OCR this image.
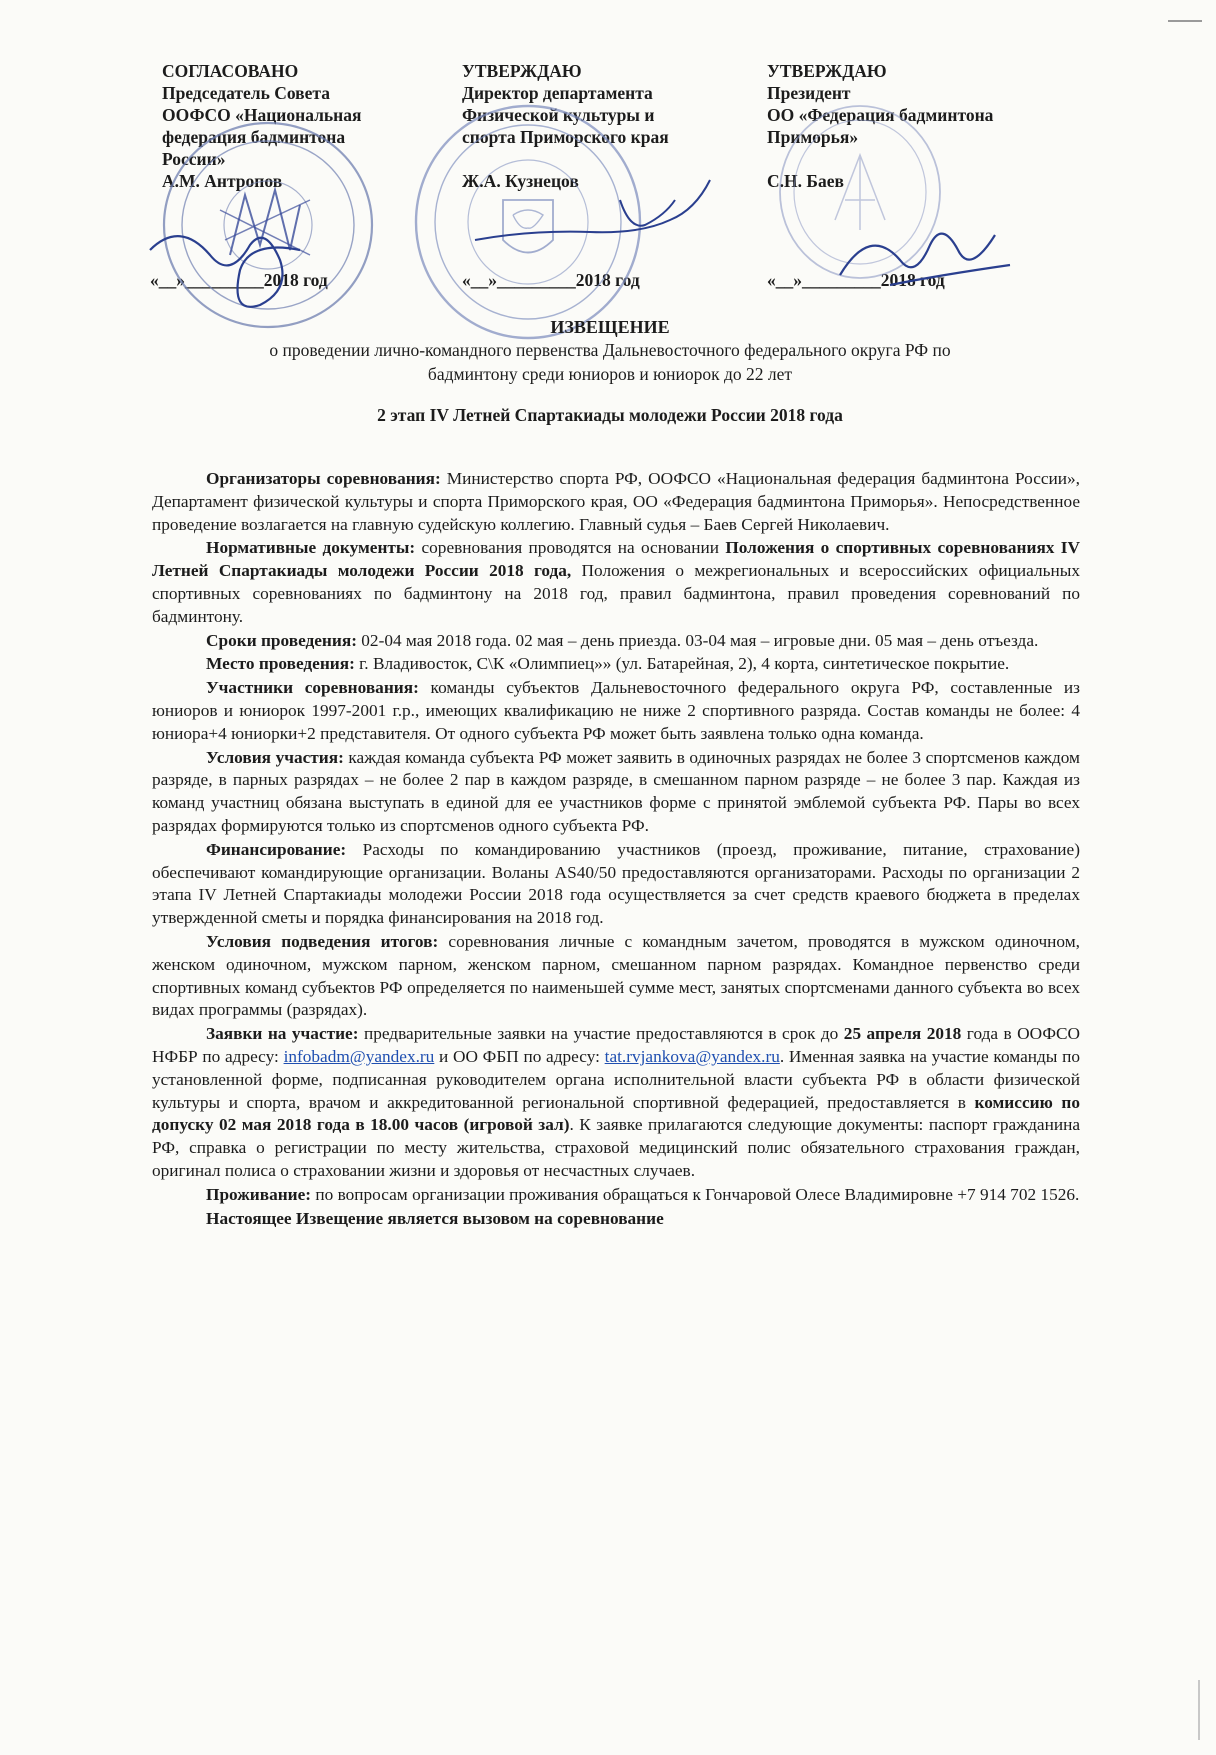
СОГЛАСОВАНО
Председатель Совета
ООФСО «Национальная
федерация бадминтона
России»
А.М. Антропов
УТВЕРЖДАЮ
Директор департамента
Физической культуры и
спорта Приморского края
Ж.А. Кузнецов
УТВЕРЖДАЮ
Президент
ОО «Федерация бадминтона
Приморья»
С.Н. Баев
«__»_________2018 год	«__»_________2018 год	«__»_________2018 год
ИЗВЕЩЕНИЕ
о проведении лично-командного первенства Дальневосточного федерального округа РФ по
бадминтону среди юниоров и юниорок до 22 лет
2 этап IV Летней Спартакиады молодежи России 2018 года

Организаторы соревнования: Министерство спорта РФ, ООФСО «Национальная федерация бадминтона России», Департамент физической культуры и спорта Приморского края, ОО «Федерация бадминтона Приморья». Непосредственное проведение возлагается на главную судейскую коллегию. Главный судья – Баев Сергей Николаевич.

Нормативные документы: соревнования проводятся на основании Положения о спортивных соревнованиях IV Летней Спартакиады молодежи России 2018 года, Положения о межрегиональных и всероссийских официальных спортивных соревнованиях по бадминтону на 2018 год, правил бадминтона, правил проведения соревнований по бадминтону.

Сроки проведения: 02-04 мая 2018 года. 02 мая – день приезда. 03-04 мая – игровые дни. 05 мая – день отъезда.

Место проведения: г. Владивосток, С\К «Олимпиец»» (ул. Батарейная, 2), 4 корта, синтетическое покрытие.

Участники соревнования: команды субъектов Дальневосточного федерального округа РФ, составленные из юниоров и юниорок 1997-2001 г.р., имеющих квалификацию не ниже 2 спортивного разряда. Состав команды не более: 4 юниора+4 юниорки+2 представителя. От одного субъекта РФ может быть заявлена только одна команда.

Условия участия: каждая команда субъекта РФ может заявить в одиночных разрядах не более 3 спортсменов каждом разряде, в парных разрядах – не более 2 пар в каждом разряде, в смешанном парном разряде – не более 3 пар. Каждая из команд участниц обязана выступать в единой для ее участников форме с принятой эмблемой субъекта РФ. Пары во всех разрядах формируются только из спортсменов одного субъекта РФ.

Финансирование: Расходы по командированию участников (проезд, проживание, питание, страхование) обеспечивают командирующие организации. Воланы AS40/50 предоставляются организаторами. Расходы по организации 2 этапа IV Летней Спартакиады молодежи России 2018 года осуществляется за счет средств краевого бюджета в пределах утвержденной сметы и порядка финансирования на 2018 год.

Условия подведения итогов: соревнования личные с командным зачетом, проводятся в мужском одиночном, женском одиночном, мужском парном, женском парном, смешанном парном разрядах. Командное первенство среди спортивных команд субъектов РФ определяется по наименьшей сумме мест, занятых спортсменами данного субъекта во всех видах программы (разрядах).

Заявки на участие: предварительные заявки на участие предоставляются в срок до 25 апреля 2018 года в ООФСО НФБР по адресу: infobadm@yandex.ru и ОО ФБП по адресу: tat.rvjankova@yandex.ru. Именная заявка на участие команды по установленной форме, подписанная руководителем органа исполнительной власти субъекта РФ в области физической культуры и спорта, врачом и аккредитованной региональной спортивной федерацией, предоставляется в комиссию по допуску 02 мая 2018 года в 18.00 часов (игровой зал). К заявке прилагаются следующие документы: паспорт гражданина РФ, справка о регистрации по месту жительства, страховой медицинский полис обязательного страхования граждан, оригинал полиса о страховании жизни и здоровья от несчастных случаев.

Проживание: по вопросам организации проживания обращаться к Гончаровой Олесе Владимировне +7 914 702 1526.

Настоящее Извещение является вызовом на соревнование
